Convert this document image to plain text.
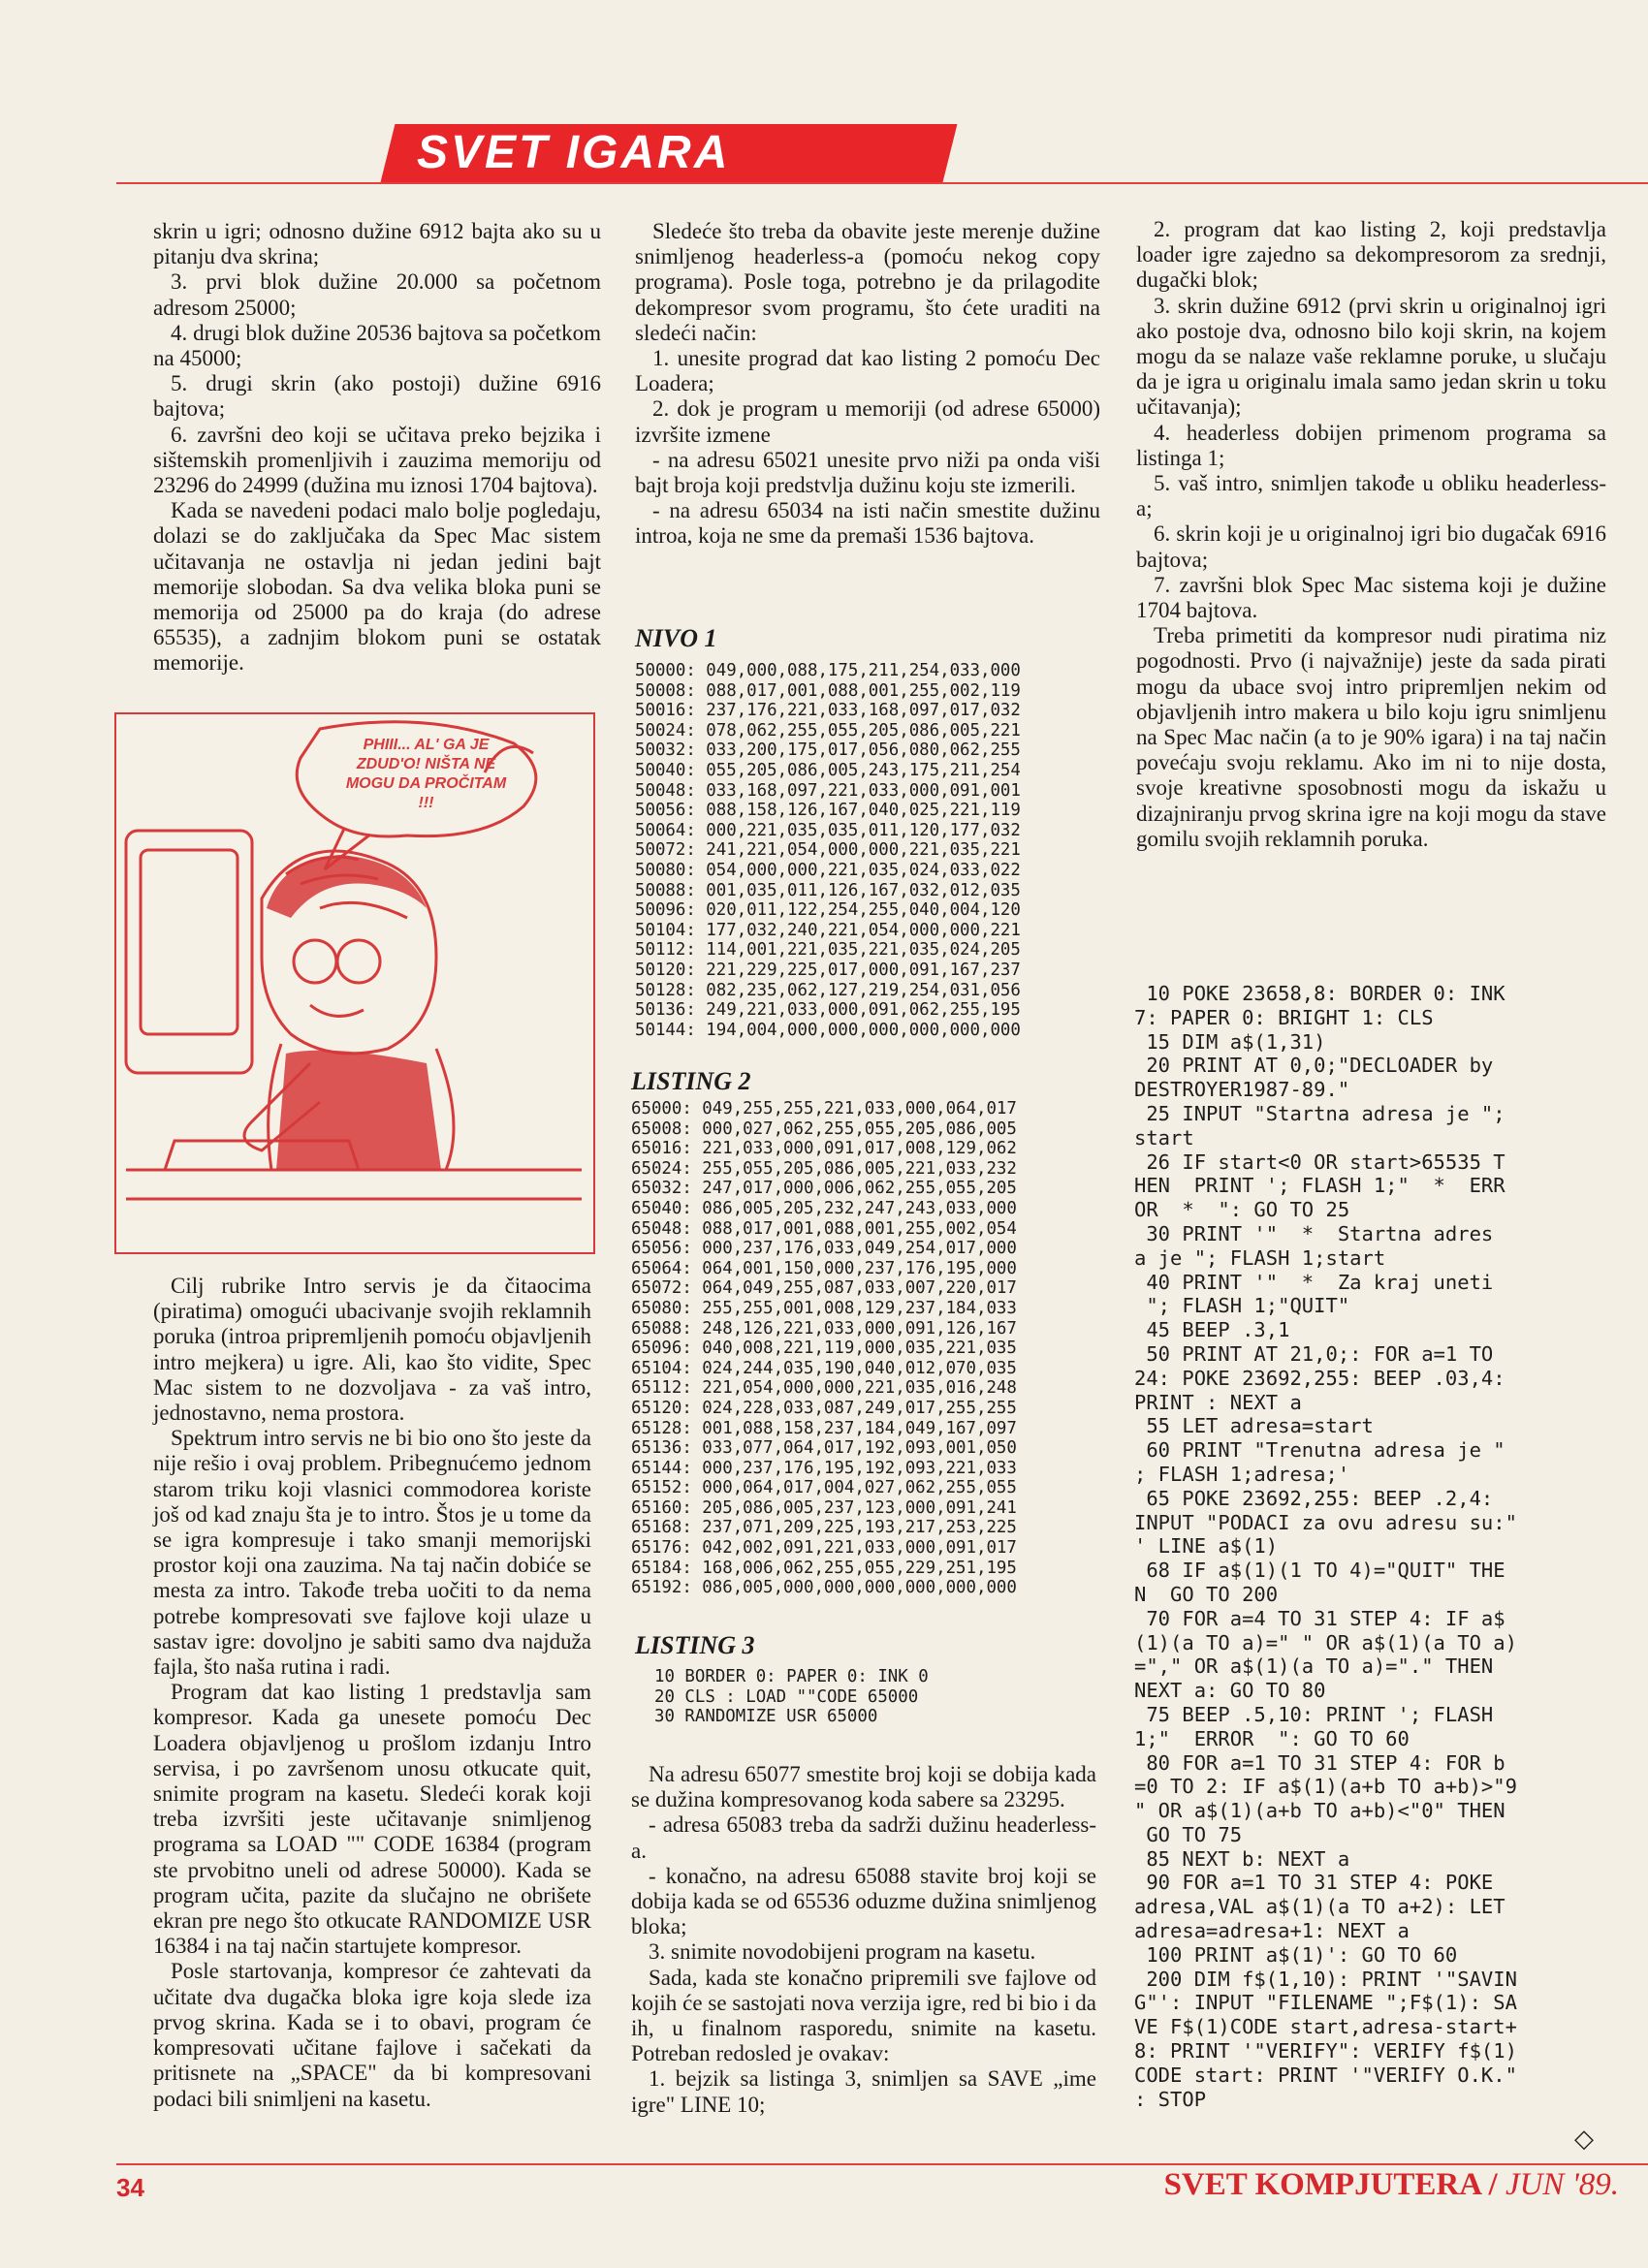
SVET IGARA

skrin u igri; odnosno dužine 6912 bajta ako su u pitanju dva skrina;

3. prvi blok dužine 20.000 sa početnom adresom 25000;

4. drugi blok dužine 20536 bajtova sa početkom na 45000;

5. drugi skrin (ako postoji) dužine 6916 bajtova;

6. završni deo koji se učitava preko bejzika i sištemskih promenljivih i zauzima memoriju od 23296 do 24999 (dužina mu iznosi 1704 bajtova).

Kada se navedeni podaci malo bolje pogledaju, dolazi se do zaključaka da Spec Mac sistem učitavanja ne ostavlja ni jedan jedini bajt memorije slobodan. Sa dva velika bloka puni se memorija od 25000 pa do kraja (do adrese 65535), a zadnjim blokom puni se ostatak memorije.

PHIII... AL' GA JE ZDUD'O! NIŠTA NE MOGU DA PROČITAM !!!

Cilj rubrike Intro servis je da čitaocima (piratima) omogući ubacivanje svojih reklamnih poruka (introa pripremljenih pomoću objavljenih intro mejkera) u igre. Ali, kao što vidite, Spec Mac sistem to ne dozvoljava - za vaš intro, jednostavno, nema prostora.

Spektrum intro servis ne bi bio ono što jeste da nije rešio i ovaj problem. Pribegnućemo jednom starom triku koji vlasnici commodorea koriste još od kad znaju šta je to intro. Štos je u tome da se igra kompresuje i tako smanji memorijski prostor koji ona zauzima. Na taj način dobiće se mesta za intro. Takođe treba uočiti to da nema potrebe kompresovati sve fajlove koji ulaze u sastav igre: dovoljno je sabiti samo dva najduža fajla, što naša rutina i radi.

Program dat kao listing 1 predstavlja sam kompresor. Kada ga unesete pomoću Dec Loadera objavljenog u prošlom izdanju Intro servisa, i po završenom unosu otkucate quit, snimite program na kasetu. Sledeći korak koji treba izvršiti jeste učitavanje snimljenog programa sa LOAD "" CODE 16384 (program ste prvobitno uneli od adrese 50000). Kada se program učita, pazite da slučajno ne obrišete ekran pre nego što otkucate RANDOMIZE USR 16384 i na taj način startujete kompresor.

Posle startovanja, kompresor će zahtevati da učitate dva dugačka bloka igre koja slede iza prvog skrina. Kada se i to obavi, program će kompresovati učitane fajlove i sačekati da pritisnete na „SPACE" da bi kompresovani podaci bili snimljeni na kasetu.

Sledeće što treba da obavite jeste merenje dužine snimljenog headerless-a (pomoću nekog copy programa). Posle toga, potrebno je da prilagodite dekompresor svom programu, što ćete uraditi na sledeći način:

1. unesite prograd dat kao listing 2 pomoću Dec Loadera;

2. dok je program u memoriji (od adrese 65000) izvršite izmene

- na adresu 65021 unesite prvo niži pa onda viši bajt broja koji predstvlja dužinu koju ste izmerili.

- na adresu 65034 na isti način smestite dužinu introa, koja ne sme da premaši 1536 bajtova.

NIVO 1
50000: 049,000,088,175,211,254,033,000
50008: 088,017,001,088,001,255,002,119
50016: 237,176,221,033,168,097,017,032
50024: 078,062,255,055,205,086,005,221
50032: 033,200,175,017,056,080,062,255
50040: 055,205,086,005,243,175,211,254
50048: 033,168,097,221,033,000,091,001
50056: 088,158,126,167,040,025,221,119
50064: 000,221,035,035,011,120,177,032
50072: 241,221,054,000,000,221,035,221
50080: 054,000,000,221,035,024,033,022
50088: 001,035,011,126,167,032,012,035
50096: 020,011,122,254,255,040,004,120
50104: 177,032,240,221,054,000,000,221
50112: 114,001,221,035,221,035,024,205
50120: 221,229,225,017,000,091,167,237
50128: 082,235,062,127,219,254,031,056
50136: 249,221,033,000,091,062,255,195
50144: 194,004,000,000,000,000,000,000
LISTING 2
65000: 049,255,255,221,033,000,064,017
65008: 000,027,062,255,055,205,086,005
65016: 221,033,000,091,017,008,129,062
65024: 255,055,205,086,005,221,033,232
65032: 247,017,000,006,062,255,055,205
65040: 086,005,205,232,247,243,033,000
65048: 088,017,001,088,001,255,002,054
65056: 000,237,176,033,049,254,017,000
65064: 064,001,150,000,237,176,195,000
65072: 064,049,255,087,033,007,220,017
65080: 255,255,001,008,129,237,184,033
65088: 248,126,221,033,000,091,126,167
65096: 040,008,221,119,000,035,221,035
65104: 024,244,035,190,040,012,070,035
65112: 221,054,000,000,221,035,016,248
65120: 024,228,033,087,249,017,255,255
65128: 001,088,158,237,184,049,167,097
65136: 033,077,064,017,192,093,001,050
65144: 000,237,176,195,192,093,221,033
65152: 000,064,017,004,027,062,255,055
65160: 205,086,005,237,123,000,091,241
65168: 237,071,209,225,193,217,253,225
65176: 042,002,091,221,033,000,091,017
65184: 168,006,062,255,055,229,251,195
65192: 086,005,000,000,000,000,000,000
LISTING 3
10 BORDER 0: PAPER 0: INK 0
20 CLS : LOAD ""CODE 65000
30 RANDOMIZE USR 65000

Na adresu 65077 smestite broj koji se dobija kada se dužina kompresovanog koda sabere sa 23295.

- adresa 65083 treba da sadrži dužinu headerless-a.

- konačno, na adresu 65088 stavite broj koji se dobija kada se od 65536 oduzme dužina snimljenog bloka;

3. snimite novodobijeni program na kasetu.

Sada, kada ste konačno pripremili sve fajlove od kojih će se sastojati nova verzija igre, red bi bio i da ih, u finalnom rasporedu, snimite na kasetu. Potreban redosled je ovakav:

1. bejzik sa listinga 3, snimljen sa SAVE „ime igre" LINE 10;

2. program dat kao listing 2, koji predstavlja loader igre zajedno sa dekompresorom za srednji, dugački blok;

3. skrin dužine 6912 (prvi skrin u originalnoj igri ako postoje dva, odnosno bilo koji skrin, na kojem mogu da se nalaze vaše reklamne poruke, u slučaju da je igra u originalu imala samo jedan skrin u toku učitavanja);

4. headerless dobijen primenom programa sa listinga 1;

5. vaš intro, snimljen takođe u obliku headerless-a;

6. skrin koji je u originalnoj igri bio dugačak 6916 bajtova;

7. završni blok Spec Mac sistema koji je dužine 1704 bajtova.

Treba primetiti da kompresor nudi piratima niz pogodnosti. Prvo (i najvažnije) jeste da sada pirati mogu da ubace svoj intro pripremljen nekim od objavljenih intro makera u bilo koju igru snimljenu na Spec Mac način (a to je 90% igara) i na taj način povećaju svoju reklamu. Ako im ni to nije dosta, svoje kreativne sposobnosti mogu da iskažu u dizajniranju prvog skrina igre na koji mogu da stave gomilu svojih reklamnih poruka.

10 POKE 23658,8: BORDER 0: INK
7: PAPER 0: BRIGHT 1: CLS
15 DIM a$(1,31)
20 PRINT AT 0,0;"DECLOADER by
DESTROYER1987-89."
25 INPUT "Startna adresa je ";
start
26 IF start<0 OR start>65535 T
HEN  PRINT '; FLASH 1;"  *  ERR
OR  *  ": GO TO 25
30 PRINT '"  *  Startna adres
a je "; FLASH 1;start
40 PRINT '"  *  Za kraj uneti
"; FLASH 1;"QUIT"
45 BEEP .3,1
50 PRINT AT 21,0;: FOR a=1 TO
24: POKE 23692,255: BEEP .03,4:
PRINT : NEXT a
55 LET adresa=start
60 PRINT "Trenutna adresa je "
; FLASH 1;adresa;'
65 POKE 23692,255: BEEP .2,4:
INPUT "PODACI za ovu adresu su:"
' LINE a$(1)
68 IF a$(1)(1 TO 4)="QUIT" THE
N  GO TO 200
70 FOR a=4 TO 31 STEP 4: IF a$
(1)(a TO a)=" " OR a$(1)(a TO a)
="," OR a$(1)(a TO a)="." THEN
NEXT a: GO TO 80
75 BEEP .5,10: PRINT '; FLASH
1;"  ERROR  ": GO TO 60
80 FOR a=1 TO 31 STEP 4: FOR b
=0 TO 2: IF a$(1)(a+b TO a+b)>"9
" OR a$(1)(a+b TO a+b)<"0" THEN
GO TO 75
85 NEXT b: NEXT a
90 FOR a=1 TO 31 STEP 4: POKE
adresa,VAL a$(1)(a TO a+2): LET
adresa=adresa+1: NEXT a
100 PRINT a$(1)': GO TO 60
200 DIM f$(1,10): PRINT '"SAVIN
G"': INPUT "FILENAME ";F$(1): SA
VE F$(1)CODE start,adresa-start+
8: PRINT '"VERIFY": VERIFY f$(1)
CODE start: PRINT '"VERIFY O.K."
: STOP
◇
34	SVET KOMPJUTERA / JUN '89.
